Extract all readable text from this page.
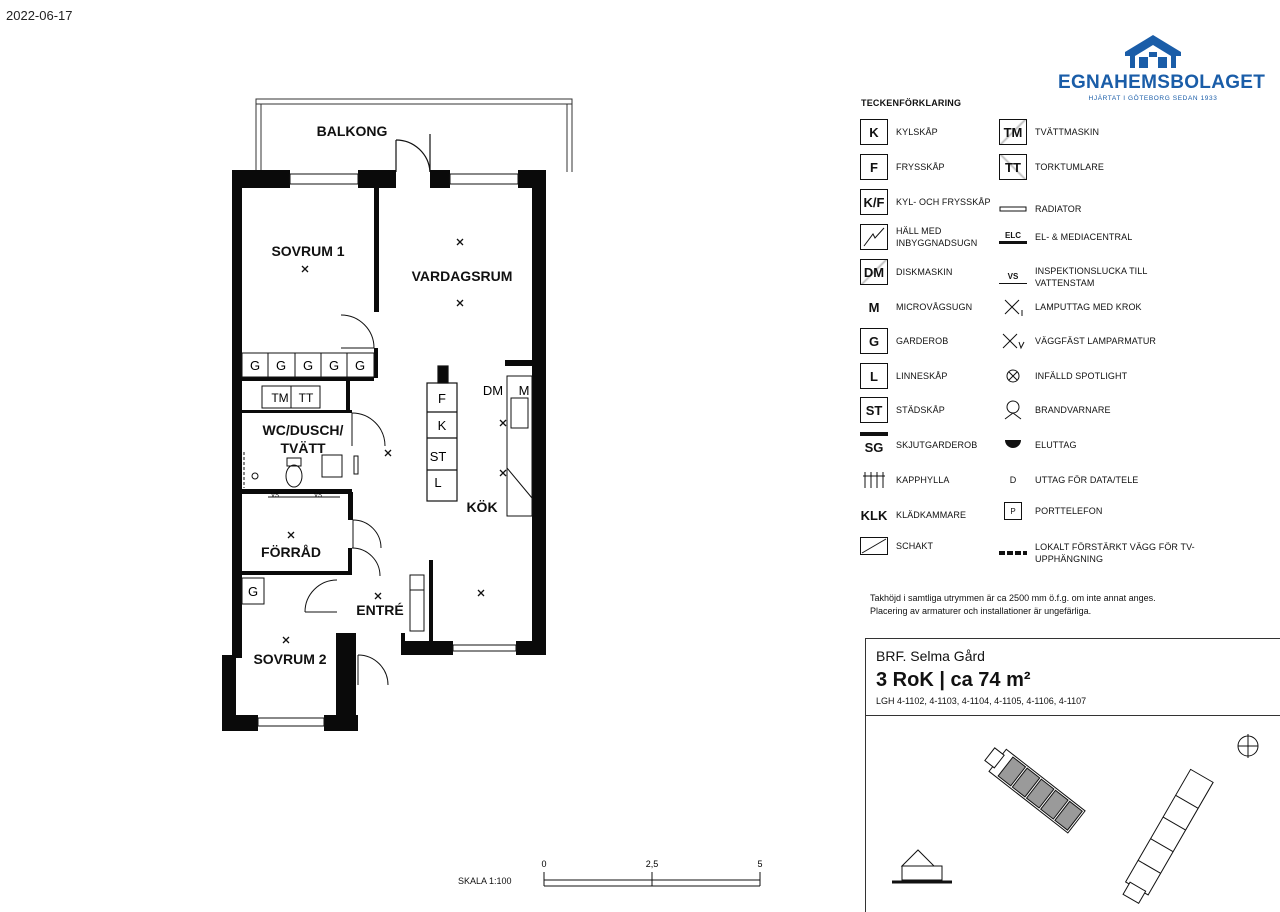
2022-06-17
EGNAHEMSBOLAGET
HJÄRTAT I GÖTEBORG SEDAN 1933
G G G G G
TM TT
VS	VS
F
K
ST
L
DM M
G
BALKONG
SOVRUM 1
VARDAGSRUM
WC/DUSCH/
TVÄTT
FÖRRÅD
KÖK
ENTRÉ
SOVRUM 2
0	2,5	5
SKALA 1:100
TECKENFÖRKLARING
K	KYLSKÅP
F	FRYSSKÅP
K/F	KYL- OCH FRYSSKÅP
HÄLL MED INBYGGNADSUGN
DM	DISKMASKIN
M	MICROVÅGSUGN
G	GARDEROB
L	LINNESKÅP
ST	STÄDSKÅP
SG	SKJUTGARDEROB
KAPPHYLLA
KLK KLÄDKAMMARE
SCHAKT
TM	TVÄTTMASKIN
TT	TORKTUMLARE
RADIATOR
ELC	EL- & MEDIACENTRAL
VS
INSPEKTIONSLUCKA TILL VATTENSTAM
LAMPUTTAG MED KROK
VÄGGFÄST LAMPARMATUR
INFÄLLD SPOTLIGHT
BRANDVARNARE
ELUTTAG
D	UTTAG FÖR DATA/TELE
P	PORTTELEFON
LOKALT FÖRSTÄRKT VÄGG FÖR TV-UPPHÄNGNING
Takhöjd i samtliga utrymmen är ca 2500 mm ö.f.g. om inte annat anges.
Placering av armaturer och installationer är ungefärliga.
BRF. Selma Gård
3 RoK | ca 74 m²
LGH 4-1102, 4-1103, 4-1104, 4-1105, 4-1106, 4-1107
